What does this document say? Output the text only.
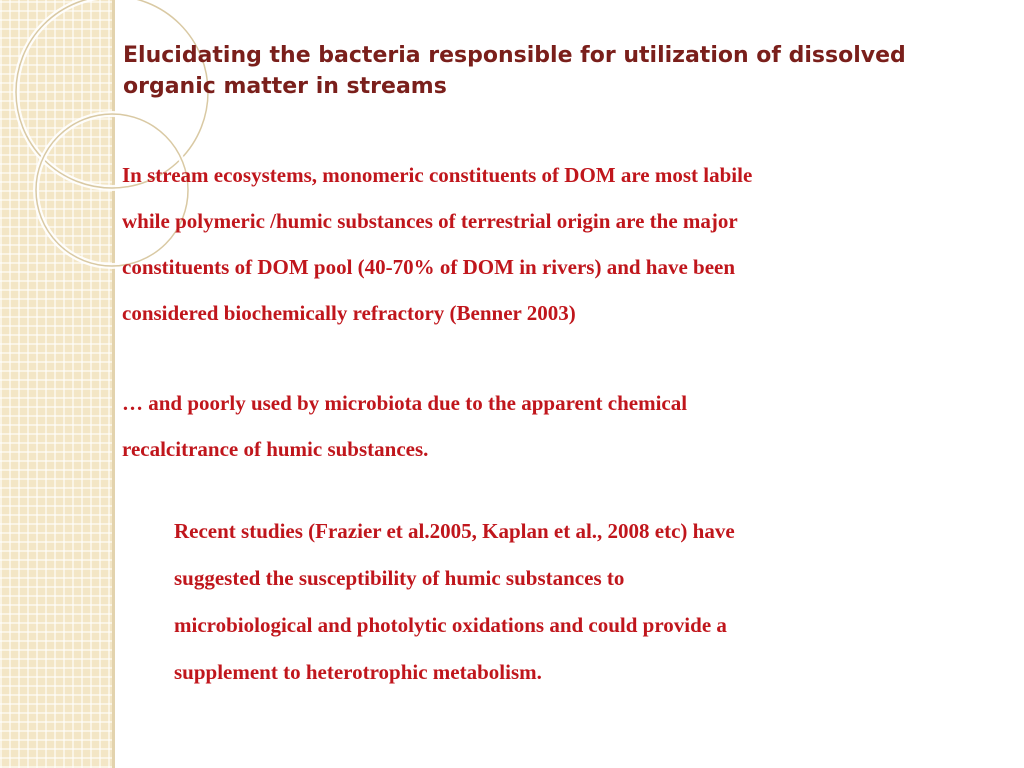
Elucidating the bacteria responsible for utilization of dissolved organic matter in streams

In stream ecosystems, monomeric constituents of DOM are most labile
while polymeric /humic substances of terrestrial origin are the major
constituents of DOM pool (40-70% of DOM in rivers) and have been
considered biochemically refractory (Benner 2003)

… and poorly used by microbiota due to the apparent chemical
recalcitrance of humic substances.

Recent studies (Frazier et al.2005, Kaplan et al., 2008 etc) have
suggested the susceptibility of humic substances to
microbiological and photolytic oxidations and could provide a
supplement to heterotrophic metabolism.
